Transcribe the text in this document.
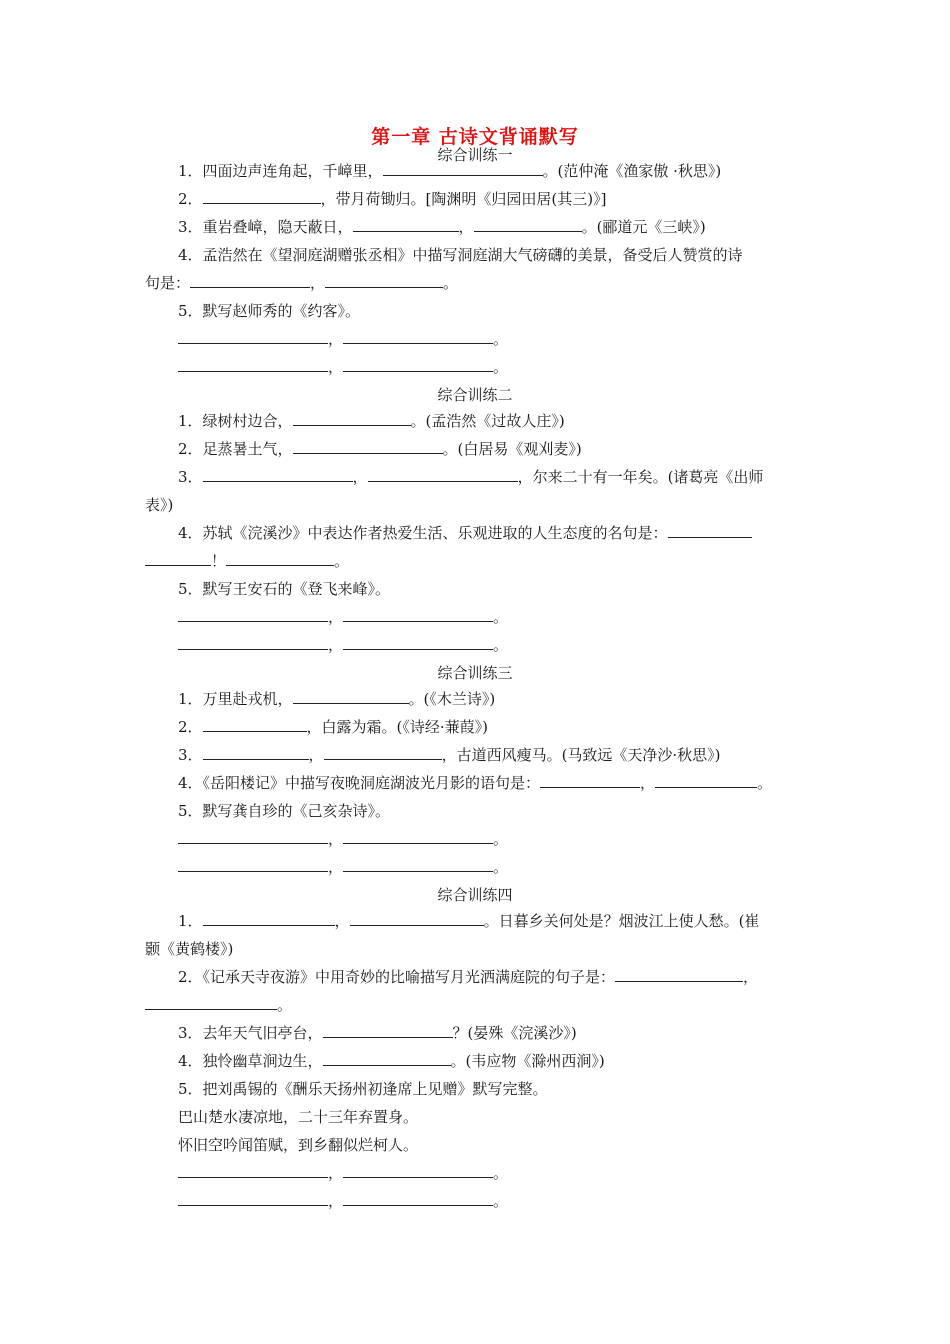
第一章 古诗文背诵默写
综合训练一
1．四面边声连角起，千嶂里，	。(范仲淹《渔家傲 ·秋思》)
2．	，带月荷锄归。[陶渊明《归园田居(其三)》]
3．重岩叠嶂，隐天蔽日，	，	。(郦道元《三峡》)
4．孟浩然在《望洞庭湖赠张丞相》中描写洞庭湖大气磅礴的美景，备受后人赞赏的诗
句是：	，	。
5．默写赵师秀的《约客》。
，	。
，	。
综合训练二
1．绿树村边合，	。(孟浩然《过故人庄》)
2．足蒸暑土气，	。(白居易《观刈麦》)
3．	，	，尔来二十有一年矣。(诸葛亮《出师
表》)
4．苏轼《浣溪沙》中表达作者热爱生活、乐观进取的人生态度的名句是：
！	。
5．默写王安石的《登飞来峰》。
，	。
，	。
综合训练三
1．万里赴戎机，	。(《木兰诗》)
2．	，白露为霜。(《诗经·蒹葭》)
3．	，	，古道西风瘦马。(马致远《天净沙·秋思》)
4．《岳阳楼记》中描写夜晚洞庭湖波光月影的语句是：	，	。
5．默写龚自珍的《己亥杂诗》。
，	。
，	。
综合训练四
1．	，	。日暮乡关何处是？烟波江上使人愁。(崔
颢《黄鹤楼》)
2．《记承天寺夜游》中用奇妙的比喻描写月光洒满庭院的句子是：	，
。
3．去年天气旧亭台，	？(晏殊《浣溪沙》)
4．独怜幽草涧边生，	。(韦应物《滁州西涧》)
5．把刘禹锡的《酬乐天扬州初逢席上见赠》默写完整。
巴山楚水凄凉地，二十三年弃置身。
怀旧空吟闻笛赋，到乡翻似烂柯人。
，	。
，	。
